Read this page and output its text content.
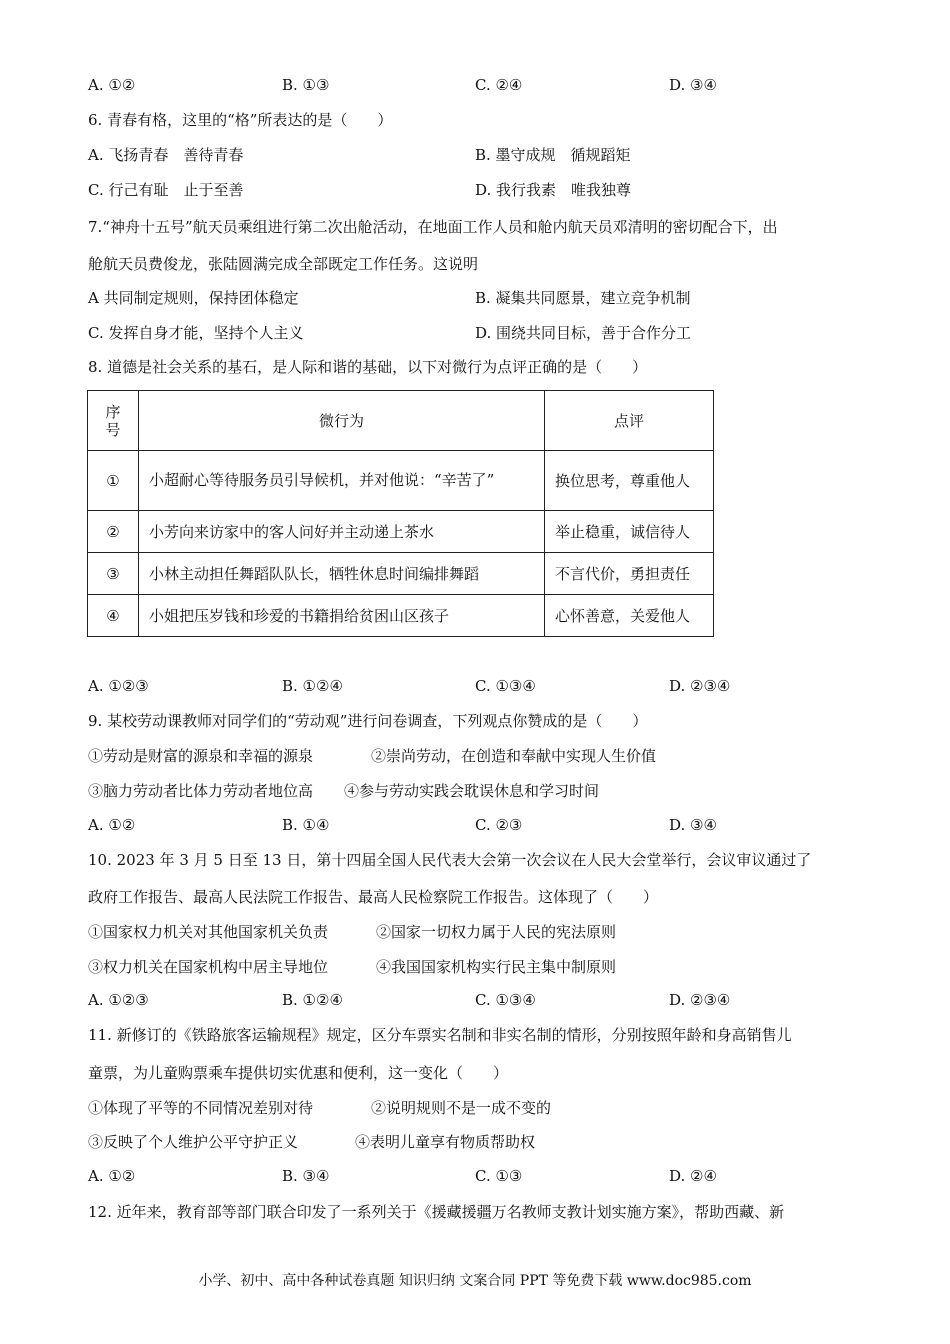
A. ①②	B. ①③	C. ②④	D. ③④
6. 青春有格，这里的“格”所表达的是（　　）
A. 飞扬青春　善待青春	B. 墨守成规　循规蹈矩
C. 行己有耻　止于至善	D. 我行我素　唯我独尊
7.“神舟十五号”航天员乘组进行第二次出舱活动，在地面工作人员和舱内航天员邓清明的密切配合下，出
舱航天员费俊龙，张陆圆满完成全部既定工作任务。这说明
A 共同制定规则，保持团体稳定	B. 凝集共同愿景，建立竞争机制
C. 发挥自身才能，坚持个人主义	D. 围绕共同目标，善于合作分工
8. 道德是社会关系的基石，是人际和谐的基础，以下对微行为点评正确的是（　　）
序号	微行为	点评
①	小超耐心等待服务员引导候机，并对他说：“辛苦了”	换位思考，尊重他人
②	小芳向来访家中的客人问好并主动递上茶水	举止稳重，诚信待人
③	小林主动担任舞蹈队队长，牺牲休息时间编排舞蹈	不言代价，勇担责任
④	小姐把压岁钱和珍爱的书籍捐给贫困山区孩子	心怀善意，关爱他人
A. ①②③	B. ①②④	C. ①③④	D. ②③④
9. 某校劳动课教师对同学们的“劳动观”进行问卷调查，下列观点你赞成的是（　　）
①劳动是财富的源泉和幸福的源泉	②崇尚劳动，在创造和奉献中实现人生价值
③脑力劳动者比体力劳动者地位高 ④参与劳动实践会耽误休息和学习时间
A. ①②	B. ①④	C. ②③	D. ③④
10. 2023 年 3 月 5 日至 13 日，第十四届全国人民代表大会第一次会议在人民大会堂举行，会议审议通过了
政府工作报告、最高人民法院工作报告、最高人民检察院工作报告。这体现了（　　）
①国家权力机关对其他国家机关负责	②国家一切权力属于人民的宪法原则
③权力机关在国家机构中居主导地位	④我国国家机构实行民主集中制原则
A. ①②③	B. ①②④	C. ①③④	D. ②③④
11. 新修订的《铁路旅客运输规程》规定，区分车票实名制和非实名制的情形，分别按照年龄和身高销售儿
童票，为儿童购票乘车提供切实优惠和便利，这一变化（　　）
①体现了平等的不同情况差别对待	②说明规则不是一成不变的
③反映了个人维护公平守护正义	④表明儿童享有物质帮助权
A. ①②	B. ③④	C. ①③	D. ②④
12. 近年来，教育部等部门联合印发了一系列关于《援藏援疆万名教师支教计划实施方案》，帮助西藏、新
小学、初中、高中各种试卷真题 知识归纳 文案合同 PPT 等免费下载 www.doc985.com
